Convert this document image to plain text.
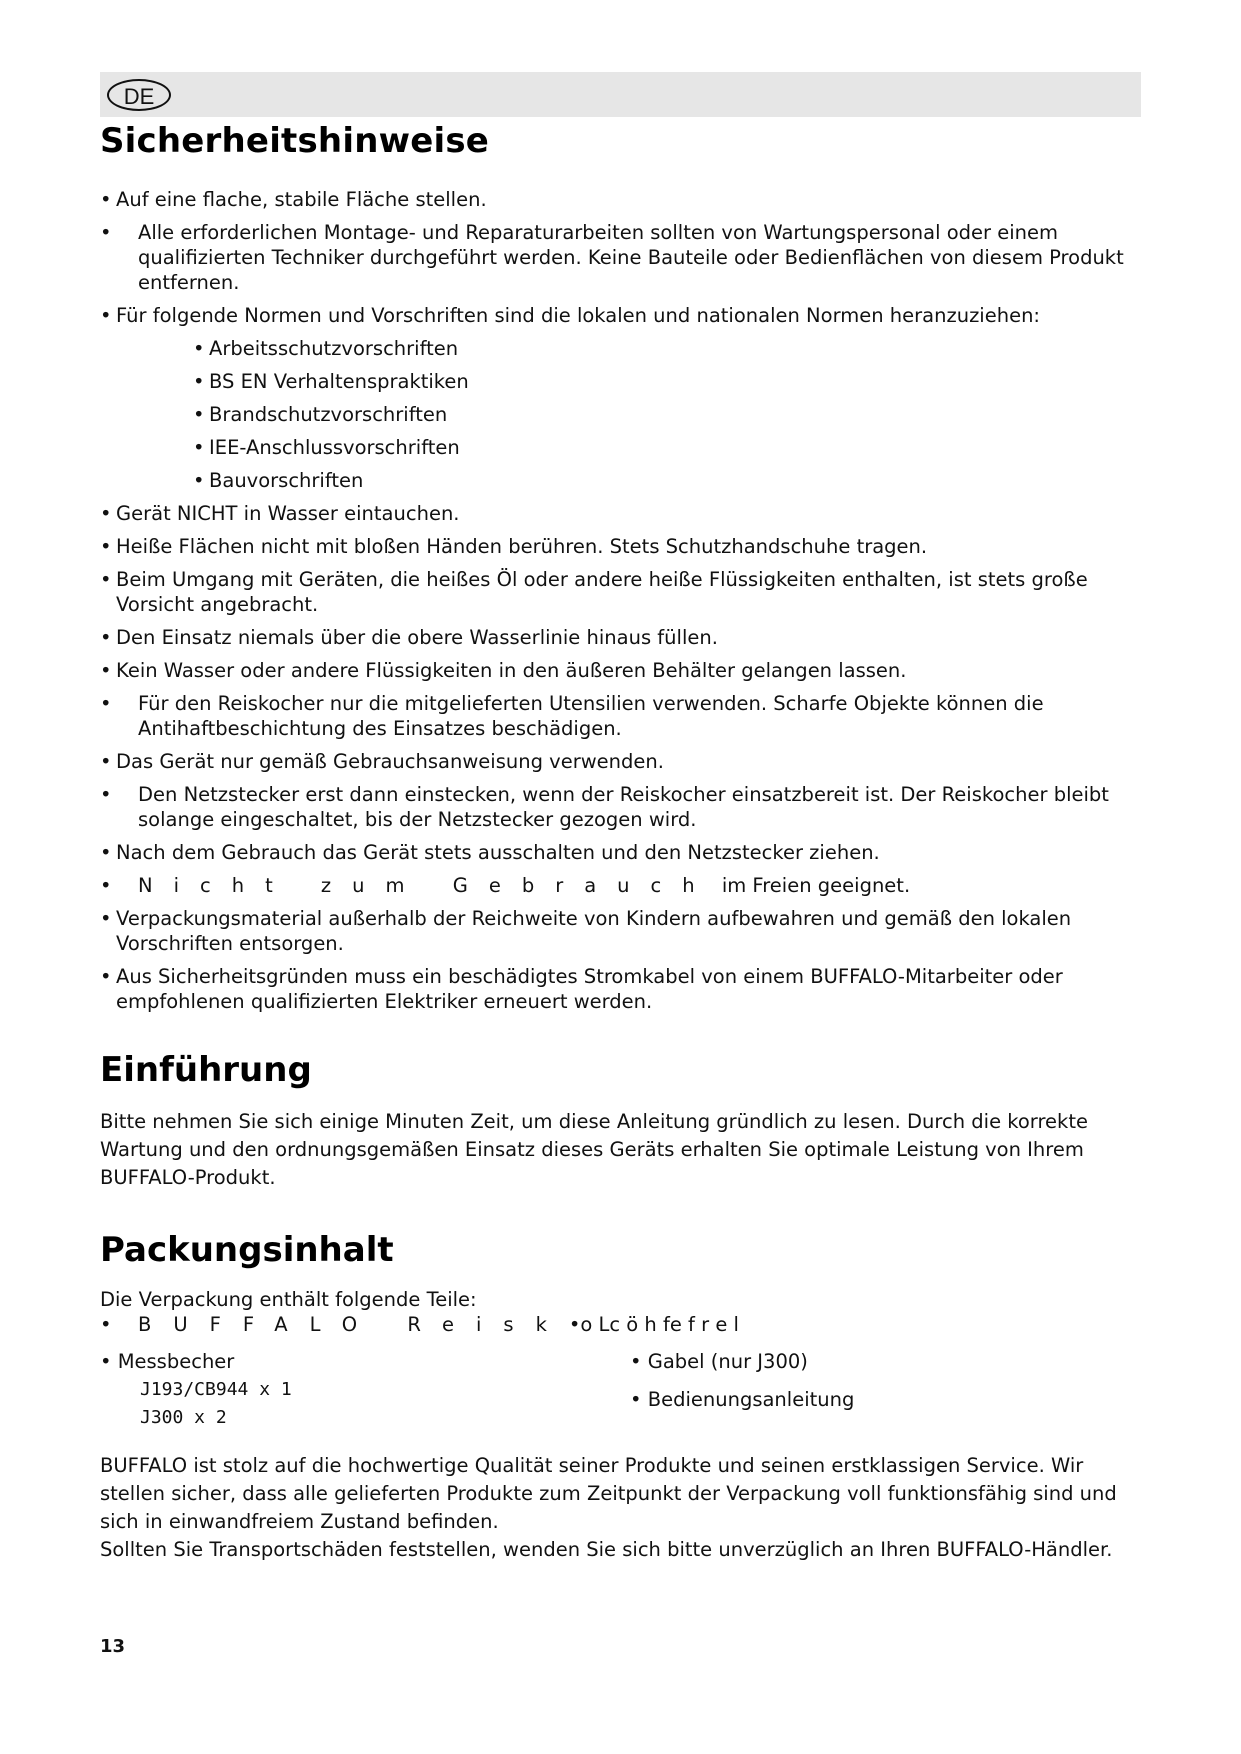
DE
Sicherheitshinweise
• Auf eine flache, stabile Fläche stellen.
• Alle erforderlichen Montage- und Reparaturarbeiten sollten von Wartungspersonal oder einem qualifizierten Techniker durchgeführt werden. Keine Bauteile oder Bedienflächen von diesem Produkt entfernen.
• Für folgende Normen und Vorschriften sind die lokalen und nationalen Normen heranzuziehen:
• Arbeitsschutzvorschriften
• BS EN Verhaltenspraktiken
• Brandschutzvorschriften
• IEE-Anschlussvorschriften
• Bauvorschriften
• Gerät NICHT in Wasser eintauchen.
• Heiße Flächen nicht mit bloßen Händen berühren. Stets Schutzhandschuhe tragen.
• Beim Umgang mit Geräten, die heißes Öl oder andere heiße Flüssigkeiten enthalten, ist stets große Vorsicht angebracht.
• Den Einsatz niemals über die obere Wasserlinie hinaus füllen.
• Kein Wasser oder andere Flüssigkeiten in den äußeren Behälter gelangen lassen.
• Für den Reiskocher nur die mitgelieferten Utensilien verwenden. Scharfe Objekte können die Antihaftbeschichtung des Einsatzes beschädigen.
• Das Gerät nur gemäß Gebrauchsanweisung verwenden.
• Den Netzstecker erst dann einstecken, wenn der Reiskocher einsatzbereit ist. Der Reiskocher bleibt solange eingeschaltet, bis der Netzstecker gezogen wird.
• Nach dem Gebrauch das Gerät stets ausschalten und den Netzstecker ziehen.
• Nicht zum Gebrauch im Freien geeignet.
• Verpackungsmaterial außerhalb der Reichweite von Kindern aufbewahren und gemäß den lokalen Vorschriften entsorgen.
• Aus Sicherheitsgründen muss ein beschädigtes Stromkabel von einem BUFFALO-Mitarbeiter oder empfohlenen qualifizierten Elektriker erneuert werden.
Einführung

Bitte nehmen Sie sich einige Minuten Zeit, um diese Anleitung gründlich zu lesen. Durch die korrekte Wartung und den ordnungsgemäßen Einsatz dieses Geräts erhalten Sie optimale Leistung von Ihrem BUFFALO-Produkt.

Packungsinhalt

Die Verpackung enthält folgende Teile:

• BUFFALO Reisk•o Lc ö h fe f r e l

• Messbecher
J193/CB944 x 1
J300 x 2
• Gabel (nur J300)
• Bedienungsanleitung

BUFFALO ist stolz auf die hochwertige Qualität seiner Produkte und seinen erstklassigen Service. Wir stellen sicher, dass alle gelieferten Produkte zum Zeitpunkt der Verpackung voll funktionsfähig sind und sich in einwandfreiem Zustand befinden.

Sollten Sie Transportschäden feststellen, wenden Sie sich bitte unverzüglich an Ihren BUFFALO-Händler.

13
